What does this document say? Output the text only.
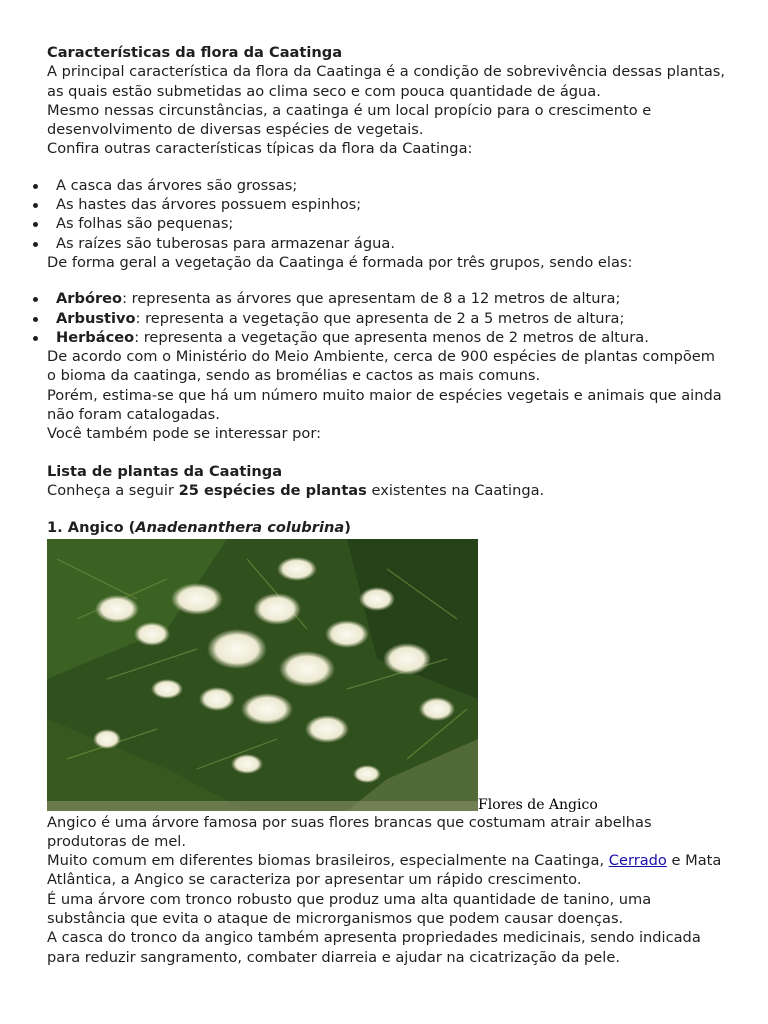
Características da flora da Caatinga

A principal característica da flora da Caatinga é a condição de sobrevivência dessas plantas, as quais estão submetidas ao clima seco e com pouca quantidade de água.

Mesmo nessas circunstâncias, a caatinga é um local propício para o crescimento e desenvolvimento de diversas espécies de vegetais.

Confira outras características típicas da flora da Caatinga:

A casca das árvores são grossas;
As hastes das árvores possuem espinhos;
As folhas são pequenas;
As raízes são tuberosas para armazenar água.

De forma geral a vegetação da Caatinga é formada por três grupos, sendo elas:

Arbóreo: representa as árvores que apresentam de 8 a 12 metros de altura;
Arbustivo: representa a vegetação que apresenta de 2 a 5 metros de altura;
Herbáceo: representa a vegetação que apresenta menos de 2 metros de altura.

De acordo com o Ministério do Meio Ambiente, cerca de 900 espécies de plantas compõem o bioma da caatinga, sendo as bromélias e cactos as mais comuns.

Porém, estima-se que há um número muito maior de espécies vegetais e animais que ainda não foram catalogadas.

Você também pode se interessar por:

Lista de plantas da Caatinga

Conheça a seguir 25 espécies de plantas existentes na Caatinga.

1. Angico (Anadenanthera colubrina)

Flores de Angico

Angico é uma árvore famosa por suas flores brancas que costumam atrair abelhas produtoras de mel.

Muito comum em diferentes biomas brasileiros, especialmente na Caatinga, Cerrado e Mata Atlântica, a Angico se caracteriza por apresentar um rápido crescimento.

É uma árvore com tronco robusto que produz uma alta quantidade de tanino, uma substância que evita o ataque de microrganismos que podem causar doenças.

A casca do tronco da angico também apresenta propriedades medicinais, sendo indicada para reduzir sangramento, combater diarreia e ajudar na cicatrização da pele.
